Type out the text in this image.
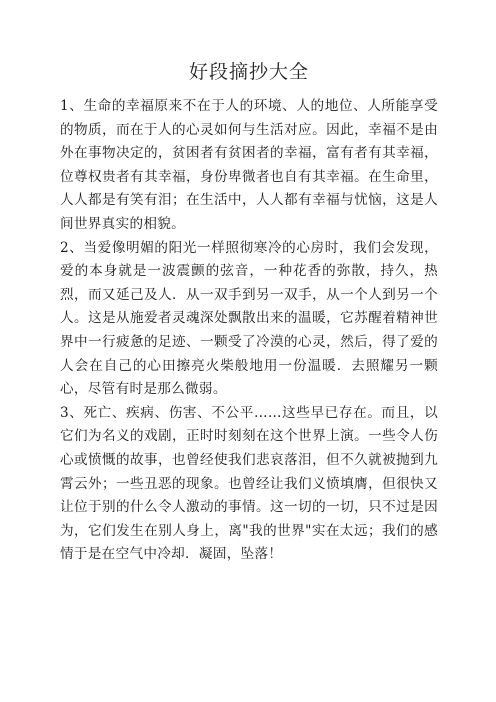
好段摘抄大全

1、生命的幸福原来不在于人的环境、人的地位、人所能享受的物质，而在于人的心灵如何与生活对应。因此，幸福不是由外在事物决定的，贫困者有贫困者的幸福，富有者有其幸福，位尊权贵者有其幸福，身份卑微者也自有其幸福。在生命里，人人都是有笑有泪；在生活中，人人都有幸福与忧恼，这是人间世界真实的相貌。

2、当爱像明媚的阳光一样照彻寒冷的心房时，我们会发现，爱的本身就是一波震颤的弦音，一种花香的弥散，持久，热烈，而又延己及人．从一双手到另一双手，从一个人到另一个人。这是从施爱者灵魂深处飘散出来的温暖，它苏醒着精神世界中一行疲惫的足迹、一颗受了冷漠的心灵，然后，得了爱的人会在自己的心田擦亮火柴般地用一份温暖．去照耀另一颗心，尽管有时是那么微弱。

3、死亡、疾病、伤害、不公平……这些早已存在。而且，以它们为名义的戏剧，正时时刻刻在这个世界上演。一些令人伤心或愤慨的故事，也曾经使我们悲哀落泪，但不久就被抛到九霄云外；一些丑恶的现象。也曾经让我们义愤填膺，但很快又让位于别的什么令人激动的事情。这一切的一切，只不过是因为，它们发生在别人身上，离"我的世界"实在太远；我们的感情于是在空气中冷却．凝固，坠落！
